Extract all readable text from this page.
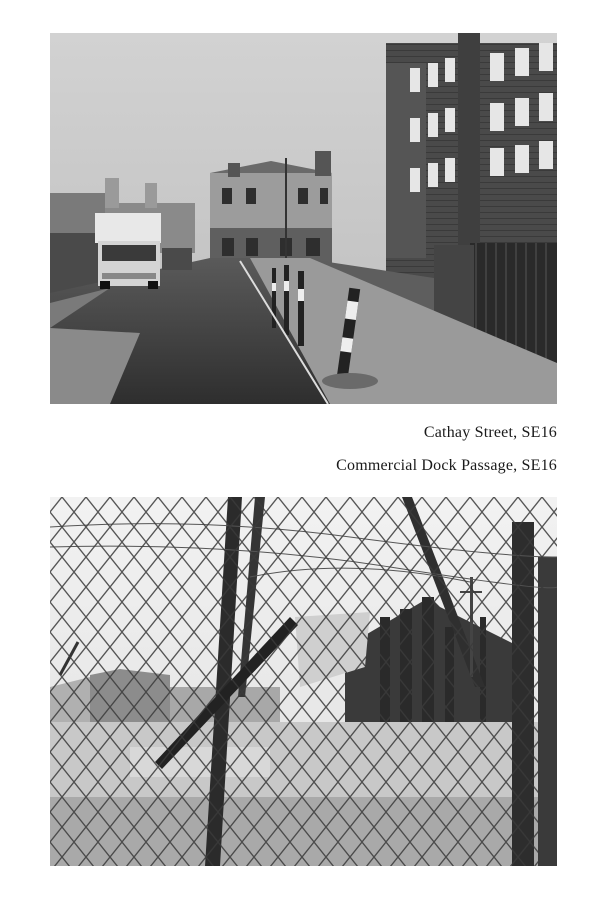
Cathay Street, SE16
Commercial Dock Passage, SE16
